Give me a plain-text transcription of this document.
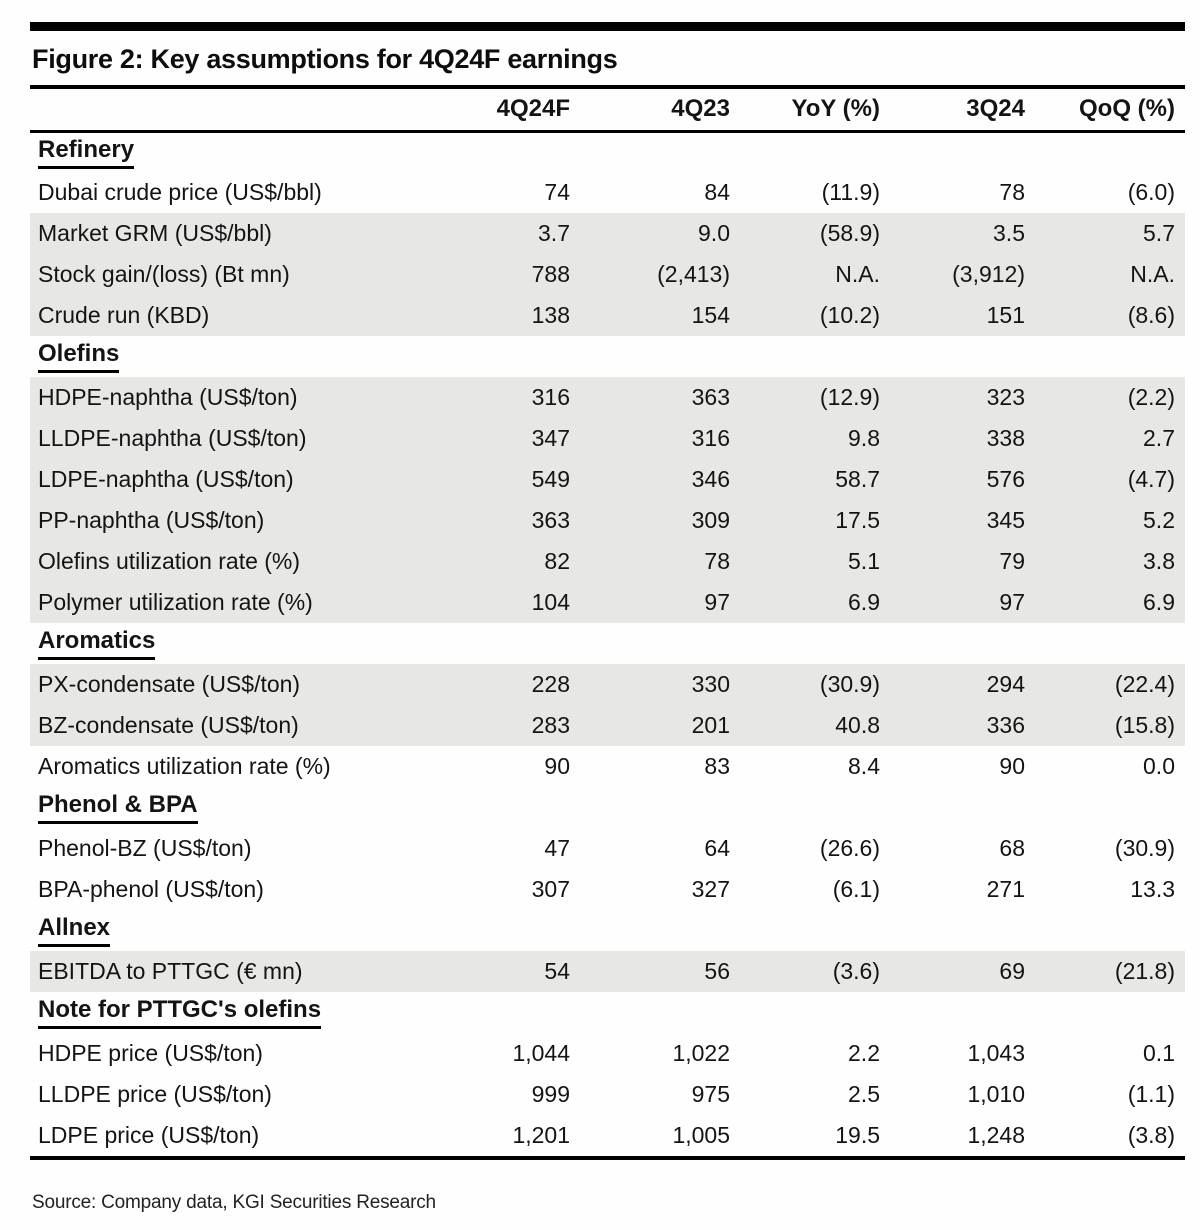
Figure 2: Key assumptions for 4Q24F earnings
	4Q24F	4Q23	YoY (%)	3Q24	QoQ (%)
Refinery					
Dubai crude price (US$/bbl)	74	84	(11.9)	78	(6.0)
Market GRM (US$/bbl)	3.7	9.0	(58.9)	3.5	5.7
Stock gain/(loss) (Bt mn)	788	(2,413)	N.A.	(3,912)	N.A.
Crude run (KBD)	138	154	(10.2)	151	(8.6)
Olefins					
HDPE-naphtha (US$/ton)	316	363	(12.9)	323	(2.2)
LLDPE-naphtha (US$/ton)	347	316	9.8	338	2.7
LDPE-naphtha (US$/ton)	549	346	58.7	576	(4.7)
PP-naphtha (US$/ton)	363	309	17.5	345	5.2
Olefins utilization rate (%)	82	78	5.1	79	3.8
Polymer utilization rate (%)	104	97	6.9	97	6.9
Aromatics					
PX-condensate (US$/ton)	228	330	(30.9)	294	(22.4)
BZ-condensate (US$/ton)	283	201	40.8	336	(15.8)
Aromatics utilization rate (%)	90	83	8.4	90	0.0
Phenol & BPA					
Phenol-BZ (US$/ton)	47	64	(26.6)	68	(30.9)
BPA-phenol (US$/ton)	307	327	(6.1)	271	13.3
Allnex					
EBITDA to PTTGC (€ mn)	54	56	(3.6)	69	(21.8)
Note for PTTGC's olefins					
HDPE price (US$/ton)	1,044	1,022	2.2	1,043	0.1
LLDPE price (US$/ton)	999	975	2.5	1,010	(1.1)
LDPE price (US$/ton)	1,201	1,005	19.5	1,248	(3.8)
Source: Company data, KGI Securities Research
